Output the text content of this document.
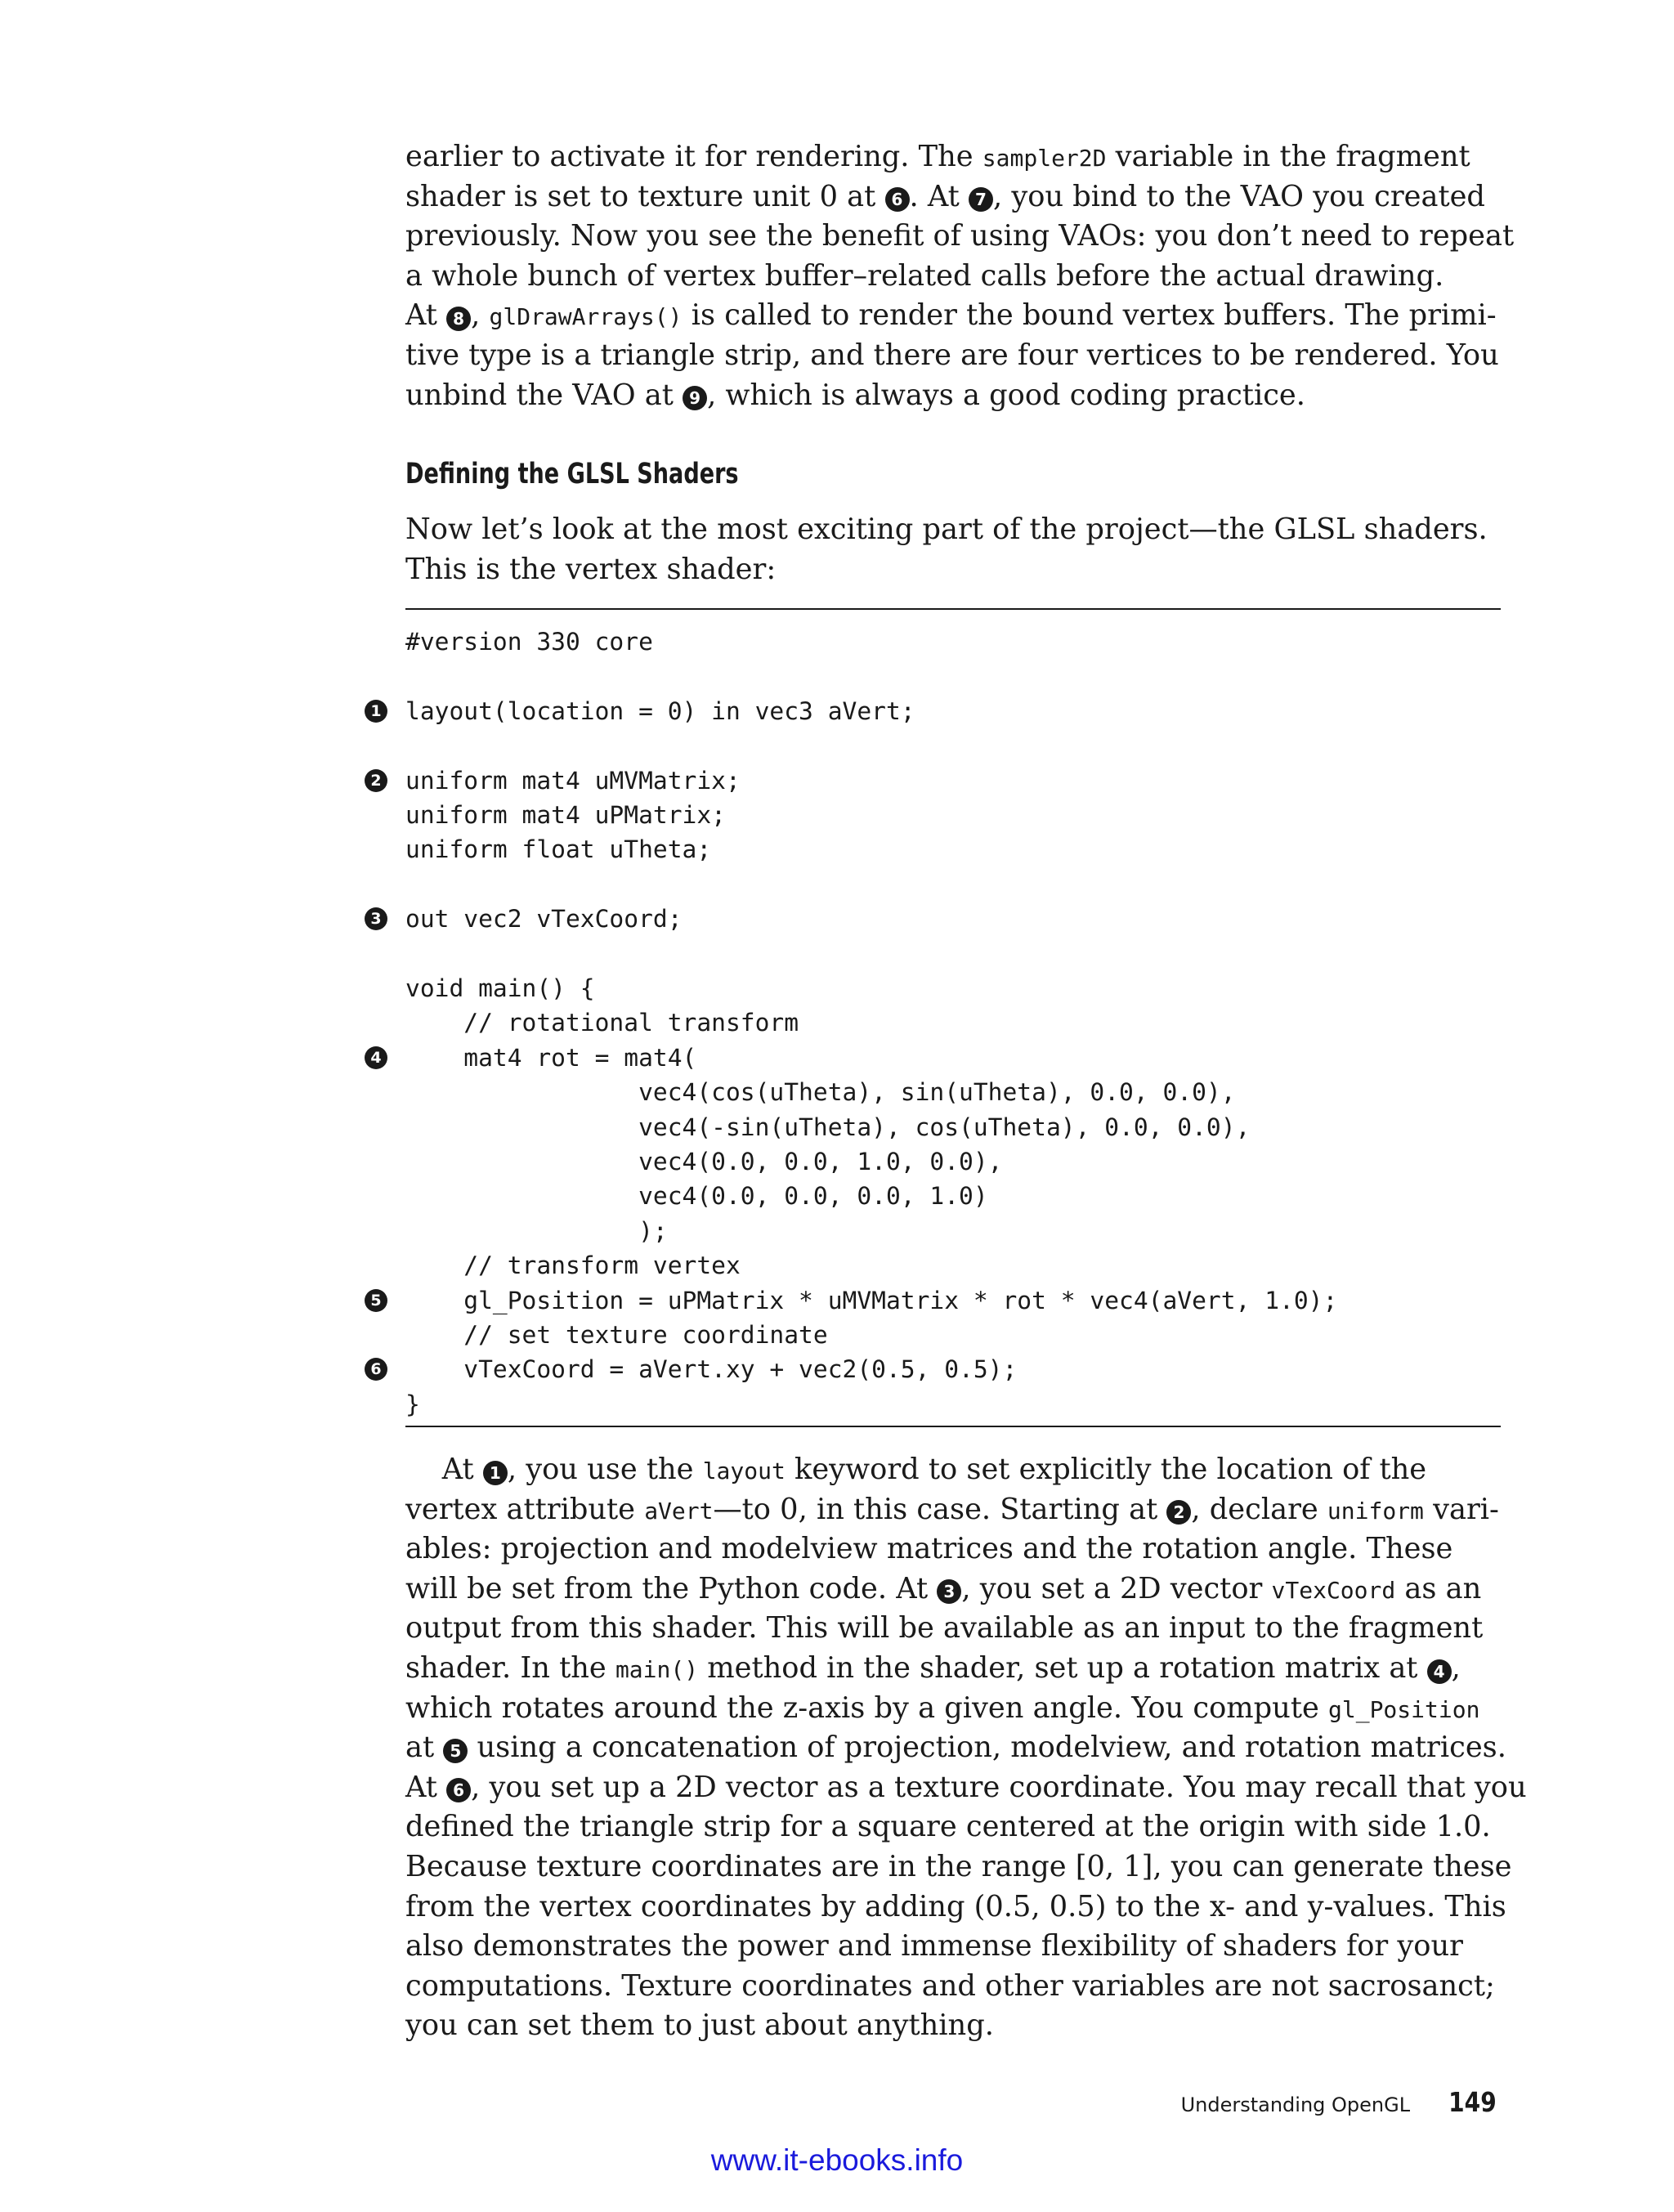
earlier to activate it for rendering. The sampler2D variable in the fragment
shader is set to texture unit 0 at 6 . At 7 , you bind to the VAO you created
previously. Now you see the benefit of using VAOs: you don’t need to repeat
a whole bunch of vertex buffer–related calls before the actual drawing.
At 8 , glDrawArrays() is called to render the bound vertex buffers. The primi-
tive type is a triangle strip, and there are four vertices to be rendered. You
unbind the VAO at 9 , which is always a good coding practice.
Defining the GLSL Shaders
Now let’s look at the most exciting part of the project—the GLSL shaders.
This is the vertex shader:
#version 330 core
layout(location = 0) in vec3 aVert;
1
uniform mat4 uMVMatrix;
2
uniform mat4 uPMatrix;
uniform float uTheta;
out vec2 vTexCoord;
3
void main() {
// rotational transform
mat4 rot = mat4(
4
vec4(cos(uTheta), sin(uTheta), 0.0, 0.0),
vec4(-sin(uTheta), cos(uTheta), 0.0, 0.0),
vec4(0.0, 0.0, 1.0, 0.0),
vec4(0.0, 0.0, 0.0, 1.0)
);
// transform vertex
gl_Position = uPMatrix * uMVMatrix * rot * vec4(aVert, 1.0);
5
// set texture coordinate
vTexCoord = aVert.xy + vec2(0.5, 0.5);
6
}
At 1 , you use the layout keyword to set explicitly the location of the
vertex attribute aVert—to 0, in this case. Starting at 2 , declare uniform vari-
ables: projection and modelview matrices and the rotation angle. These
will be set from the Python code. At 3 , you set a 2D vector vTexCoord as an
output from this shader. This will be available as an input to the fragment
shader. In the main() method in the shader, set up a rotation matrix at 4 ,
which rotates around the z-axis by a given angle. You compute gl_Position
at 5 using a concatenation of projection, modelview, and rotation matrices.
At 6 , you set up a 2D vector as a texture coordinate. You may recall that you
defined the triangle strip for a square centered at the origin with side 1.0.
Because texture coordinates are in the range [0, 1], you can generate these
from the vertex coordinates by adding (0.5, 0.5) to the x- and y-values. This
also demonstrates the power and immense flexibility of shaders for your
computations. Texture coordinates and other variables are not sacrosanct;
you can set them to just about anything.
Understanding OpenGL 149
www.it-ebooks.info
